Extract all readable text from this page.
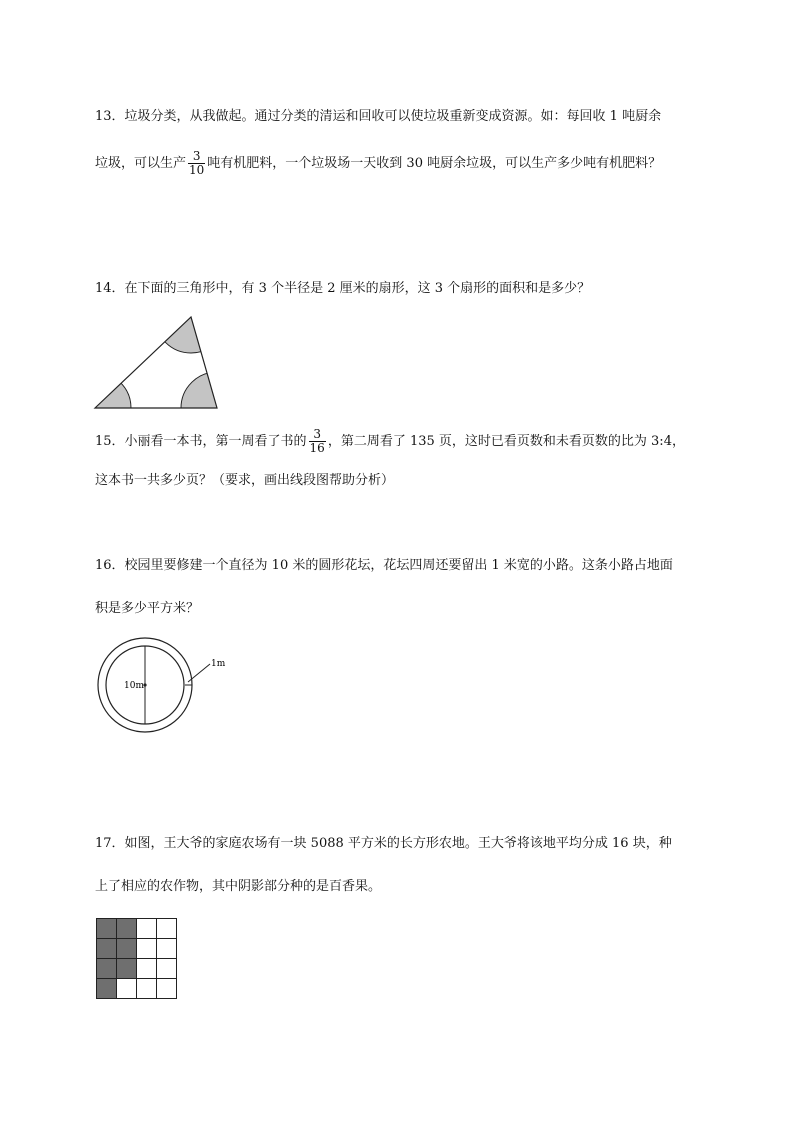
13．垃圾分类，从我做起。通过分类的清运和回收可以使垃圾重新变成资源。如：每回收 1 吨厨余
垃圾，可以生产 $\frac{3}{10}$ 吨有机肥料，一个垃圾场一天收到 30 吨厨余垃圾，可以生产多少吨有机肥料？
14．在下面的三角形中，有 3 个半径是 2 厘米的扇形，这 3 个扇形的面积和是多少？
15．小丽看一本书，第一周看了书的 $\frac{3}{16}$ ，第二周看了 135 页，这时已看页数和未看页数的比为 3:4，
这本书一共多少页？（要求，画出线段图帮助分析）
16．校园里要修建一个直径为 10 米的圆形花坛，花坛四周还要留出 1 米宽的小路。这条小路占地面
积是多少平方米？
10m
1m
17．如图，王大爷的家庭农场有一块 5088 平方米的长方形农地。王大爷将该地平均分成 16 块，种
上了相应的农作物，其中阴影部分种的是百香果。
